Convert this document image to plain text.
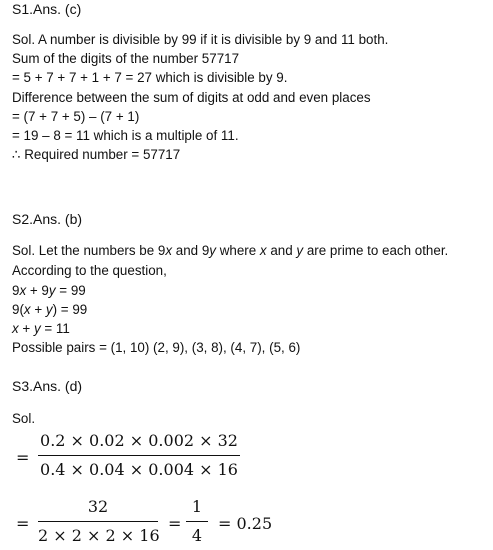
S1.Ans. (c)
Sol. A number is divisible by 99 if it is divisible by 9 and 11 both.
Sum of the digits of the number 57717
= 5 + 7 + 7 + 1 + 7 = 27 which is divisible by 9.
Difference between the sum of digits at odd and even places
= (7 + 7 + 5) – (7 + 1)
= 19 – 8 = 11 which is a multiple of 11.
∴ Required number = 57717
S2.Ans. (b)
Sol. Let the numbers be 9x and 9y where x and y are prime to each other.
According to the question,
9x + 9y = 99
9(x + y) = 99
x + y = 11
Possible pairs = (1, 10) (2, 9), (3, 8), (4, 7), (5, 6)
S3.Ans. (d)
Sol.
=
0.2 × 0.02 × 0.002 × 32
0.4 × 0.04 × 0.004 × 16
=
32
2 × 2 × 2 × 16
=
1
4
= 0.25
